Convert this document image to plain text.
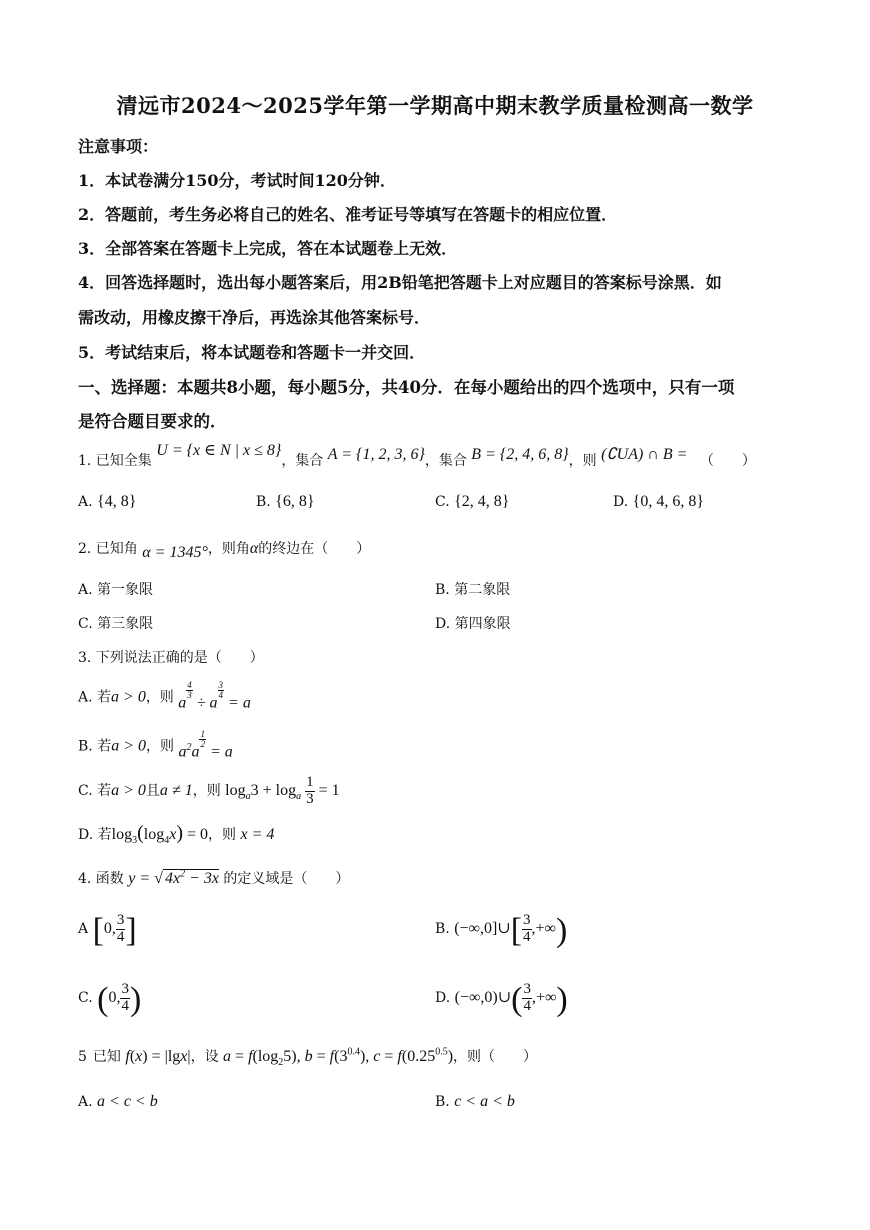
清远市2024～2025学年第一学期高中期末教学质量检测高一数学
注意事项：
1．本试卷满分150分，考试时间120分钟．
2．答题前，考生务必将自己的姓名、准考证号等填写在答题卡的相应位置．
3．全部答案在答题卡上完成，答在本试题卷上无效．
4．回答选择题时，选出每小题答案后，用2B铅笔把答题卡上对应题目的答案标号涂黑．如
需改动，用橡皮擦干净后，再选涂其他答案标号．
5．考试结束后，将本试题卷和答题卡一并交回．
一、选择题：本题共8小题，每小题5分，共40分．在每小题给出的四个选项中，只有一项
是符合题目要求的．
1. 已知全集 U = {x ∈ N | x ≤ 8}，集合 A = {1, 2, 3, 6}，集合 B = {2, 4, 6, 8}，则 (∁UA) ∩ B = （　　）
A. {4, 8}	B. {6, 8}	C. {2, 4, 8}	D. {0, 4, 6, 8}
2. 已知角 α = 1345°，则角α的终边在（　　）
A. 第一象限	B. 第二象限
C. 第三象限	D. 第四象限
3. 下列说法正确的是（　　）
A. 若a > 0，则 a
$^{\frac{4}{3}}$
÷ a
$^{\frac{3}{4}}$
= a
B. 若a > 0，则 $a^2a$
$^{\frac{1}{2}}$
= a
C. 若a > 0且a ≠ 1，则 $\log_a3 + \log_a \frac{1}{3} = 1$
D. 若$\log_3(\log_4x) = 0$，则 x = 4
4. 函数 y = √ $4x^2 - 3x$ 的定义域是（　　）
A [0, $\frac{3}{4}$ ]	B. (−∞,0]∪[ $\frac{3}{4}$ ,+∞)
C. (0, $\frac{3}{4}$ )	D. (−∞,0)∪( $\frac{3}{4}$ ,+∞)
5 已知 f(x) = |lgx|，设 $a = f(\log_25)$, $b = f(3^{0.4})$, $c = f(0.25^{0.5})$，则（　　）
A. a < c < b	B. c < a < b
